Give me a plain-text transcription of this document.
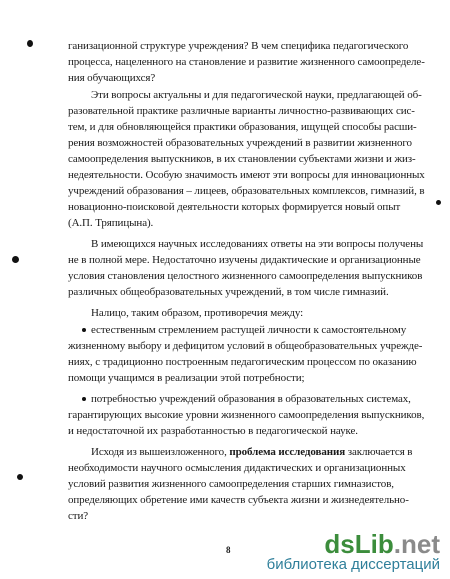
ганизационной структуре учреждения? В чем специфика педагогического
процесса, нацеленного на становление и развитие жизненного самоопределе-
ния обучающихся?
Эти вопросы актуальны и для педагогической науки, предлагающей об-
разовательной практике различные варианты личностно-развивающих сис-
тем, и для обновляющейся практики образования, ищущей способы расши-
рения возможностей образовательных учреждений в развитии жизненного
самоопределения выпускников, в их становлении субъектами жизни и жиз-
недеятельности. Особую значимость имеют эти вопросы для инновационных
учреждений образования – лицеев, образовательных комплексов, гимназий, в
новационно-поисковой деятельности которых формируется новый опыт
(А.П. Тряпицына).
В имеющихся научных исследованиях ответы на эти вопросы получены
не в полной мере. Недостаточно изучены дидактические и организационные
условия становления целостного жизненного самоопределения выпускников
различных общеобразовательных учреждений, в том числе гимназий.
Налицо, таким образом, противоречия между:
естественным стремлением растущей личности к самостоятельному
жизненному выбору и дефицитом условий в общеобразовательных учрежде-
ниях, с традиционно построенным педагогическим процессом по оказанию
помощи учащимся в реализации этой потребности;
потребностью учреждений образования в образовательных системах,
гарантирующих высокие уровни жизненного самоопределения выпускников,
и недостаточной их разработанностью в педагогической науке.
Исходя из вышеизложенного, проблема исследования заключается в
необходимости научного осмысления дидактических и организационных
условий развития жизненного самоопределения старших гимназистов,
определяющих обретение ими качеств субъекта жизни и жизнедеятельно-
сти?
8	dsLib.net
библиотека диссертаций
